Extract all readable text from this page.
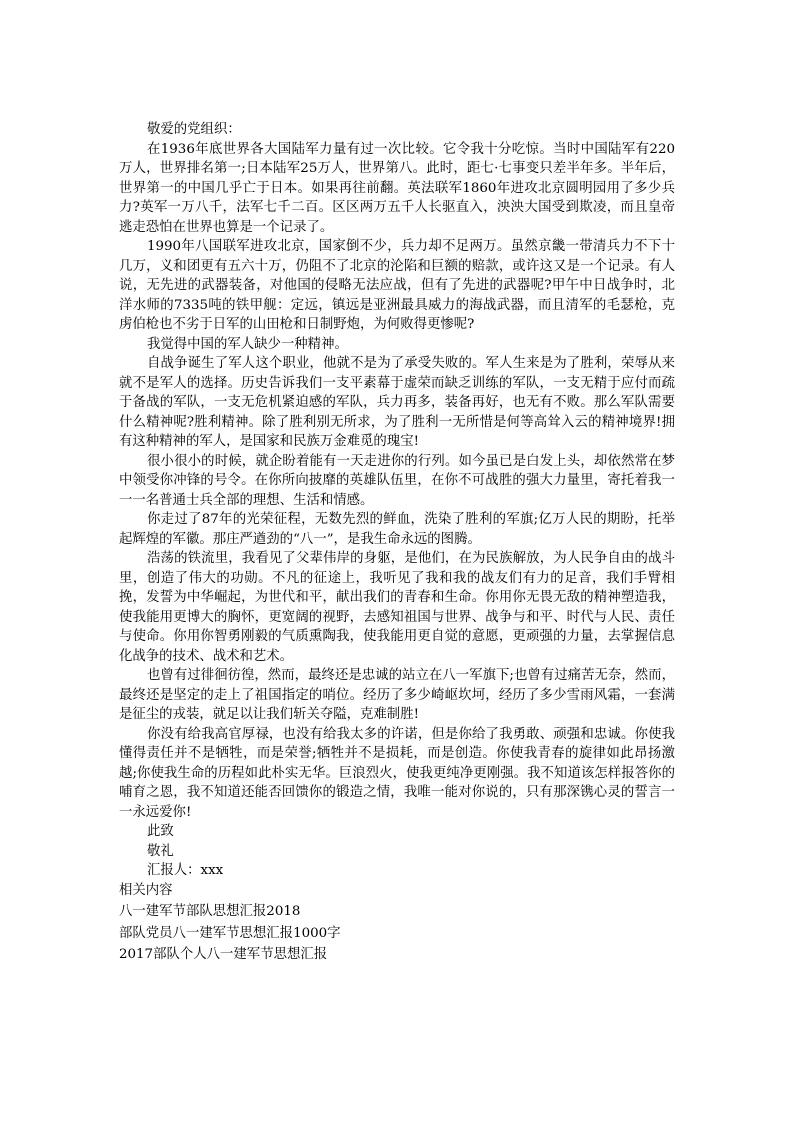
敬爱的党组织：

在1936年底世界各大国陆军力量有过一次比较。它令我十分吃惊。当时中国陆军有220万人，世界排名第一;日本陆军25万人，世界第八。此时，距七·七事变只差半年多。半年后，世界第一的中国几乎亡于日本。如果再往前翻。英法联军1860年进攻北京圆明园用了多少兵力?英军一万八千，法军七千二百。区区两万五千人长驱直入，泱泱大国受到欺凌，而且皇帝逃走恐怕在世界也算是一个记录了。

1990年八国联军进攻北京，国家倒不少，兵力却不足两万。虽然京畿一带清兵力不下十几万，义和团更有五六十万，仍阻不了北京的沦陷和巨额的赔款，或许这又是一个记录。有人说，无先进的武器装备，对他国的侵略无法应战，但有了先进的武器呢?甲午中日战争时，北洋水师的7335吨的铁甲舰：定远，镇远是亚洲最具威力的海战武器，而且清军的毛瑟枪，克虏伯枪也不劣于日军的山田枪和日制野炮，为何败得更惨呢?

我觉得中国的军人缺少一种精神。

自战争诞生了军人这个职业，他就不是为了承受失败的。军人生来是为了胜利，荣辱从来就不是军人的选择。历史告诉我们一支平素幕于虚荣而缺乏训练的军队，一支无精于应付而疏于备战的军队，一支无危机紧迫感的军队，兵力再多，装备再好，也无有不败。那么军队需要什么精神呢?胜利精神。除了胜利别无所求，为了胜利一无所惜是何等高耸入云的精神境界!拥有这种精神的军人，是国家和民族万金难觅的瑰宝!

很小很小的时候，就企盼着能有一天走进你的行列。如今虽已是白发上头，却依然常在梦中领受你冲锋的号令。在你所向披靡的英雄队伍里，在你不可战胜的强大力量里，寄托着我一一一名普通士兵全部的理想、生活和情感。

你走过了87年的光荣征程，无数先烈的鲜血，洗染了胜利的军旗;亿万人民的期盼，托举起辉煌的军徽。那庄严遒劲的“八一”，是我生命永远的图腾。

浩荡的铁流里，我看见了父辈伟岸的身躯，是他们，在为民族解放，为人民争自由的战斗里，创造了伟大的功勋。不凡的征途上，我听见了我和我的战友们有力的足音，我们手臂相挽，发誓为中华崛起，为世代和平，献出我们的青春和生命。你用你无畏无敌的精神塑造我，使我能用更博大的胸怀，更宽阔的视野，去感知祖国与世界、战争与和平、时代与人民、责任与使命。你用你智勇刚毅的气质熏陶我，使我能用更自觉的意愿，更顽强的力量，去掌握信息化战争的技术、战术和艺术。

也曾有过徘徊彷徨，然而，最终还是忠诚的站立在八一军旗下;也曾有过痛苦无奈，然而，最终还是坚定的走上了祖国指定的哨位。经历了多少崎岖坎坷，经历了多少雪雨风霜，一套满是征尘的戎装，就足以让我们斩关夺隘，克难制胜!

你没有给我高官厚禄，也没有给我太多的许诺，但是你给了我勇敢、顽强和忠诚。你使我懂得责任并不是牺牲，而是荣誉;牺牲并不是损耗，而是创造。你使我青春的旋律如此昂扬激越;你使我生命的历程如此朴实无华。巨浪烈火，使我更纯净更刚强。我不知道该怎样报答你的哺育之恩，我不知道还能否回馈你的锻造之情，我唯一能对你说的，只有那深镌心灵的誓言一一永远爱你!

此致
敬礼
汇报人：xxx
相关内容
八一建军节部队思想汇报2018
部队党员八一建军节思想汇报1000字
2017部队个人八一建军节思想汇报
